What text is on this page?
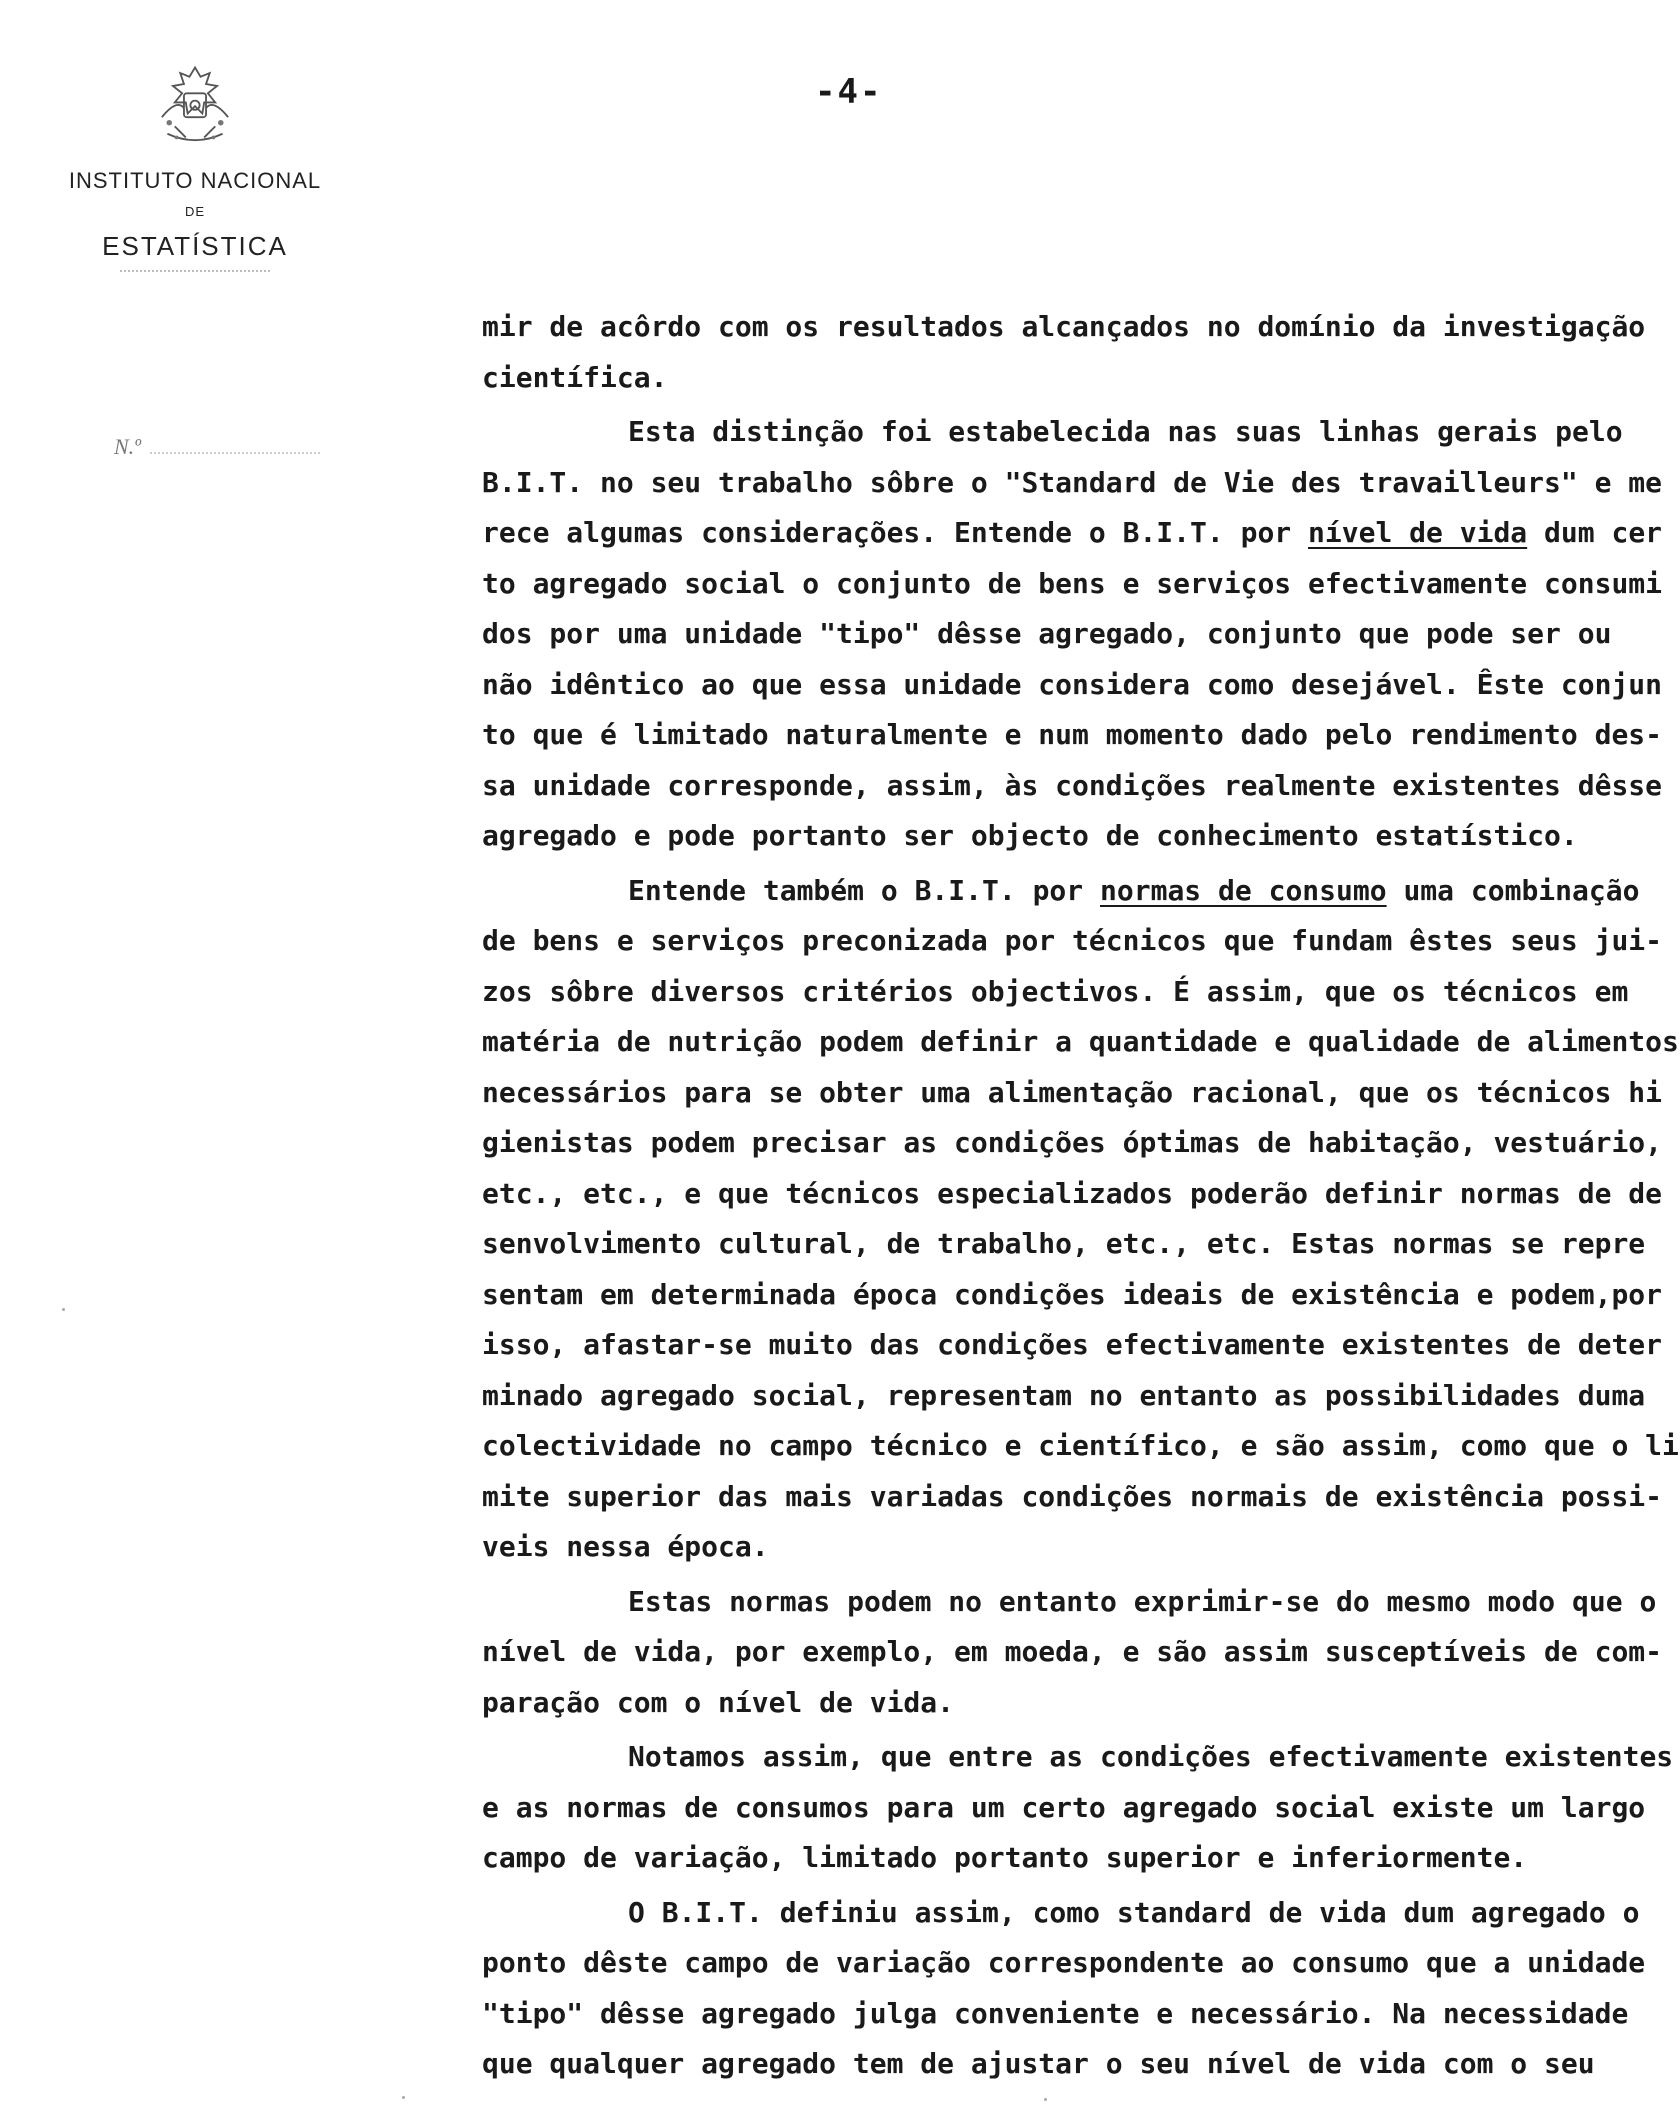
INSTITUTO NACIONAL
DE
ESTATÍSTICA
N.º
-4-
mir de acôrdo com os resultados alcançados no domínio da investigação
científica.
Esta distinção foi estabelecida nas suas linhas gerais pelo
B.I.T. no seu trabalho sôbre o "Standard de Vie des travailleurs" e me
rece algumas considerações. Entende o B.I.T. por nível de vida dum cer
to agregado social o conjunto de bens e serviços efectivamente consumi
dos por uma unidade "tipo" dêsse agregado, conjunto que pode ser ou
não idêntico ao que essa unidade considera como desejável. Êste conjun
to que é limitado naturalmente e num momento dado pelo rendimento des-
sa unidade corresponde, assim, às condições realmente existentes dêsse
agregado e pode portanto ser objecto de conhecimento estatístico.
Entende também o B.I.T. por normas de consumo uma combinação
de bens e serviços preconizada por técnicos que fundam êstes seus jui-
zos sôbre diversos critérios objectivos. É assim, que os técnicos em
matéria de nutrição podem definir a quantidade e qualidade de alimentos
necessários para se obter uma alimentação racional, que os técnicos hi
gienistas podem precisar as condições óptimas de habitação, vestuário,
etc., etc., e que técnicos especializados poderão definir normas de de
senvolvimento cultural, de trabalho, etc., etc. Estas normas se repre
sentam em determinada época condições ideais de existência e podem,por
isso, afastar-se muito das condições efectivamente existentes de deter
minado agregado social, representam no entanto as possibilidades duma
colectividade no campo técnico e científico, e são assim, como que o li
mite superior das mais variadas condições normais de existência possi-
veis nessa época.
Estas normas podem no entanto exprimir-se do mesmo modo que o
nível de vida, por exemplo, em moeda, e são assim susceptíveis de com-
paração com o nível de vida.
Notamos assim, que entre as condições efectivamente existentes
e as normas de consumos para um certo agregado social existe um largo
campo de variação, limitado portanto superior e inferiormente.
O B.I.T. definiu assim, como standard de vida dum agregado o
ponto dêste campo de variação correspondente ao consumo que a unidade
"tipo" dêsse agregado julga conveniente e necessário. Na necessidade
que qualquer agregado tem de ajustar o seu nível de vida com o seu
